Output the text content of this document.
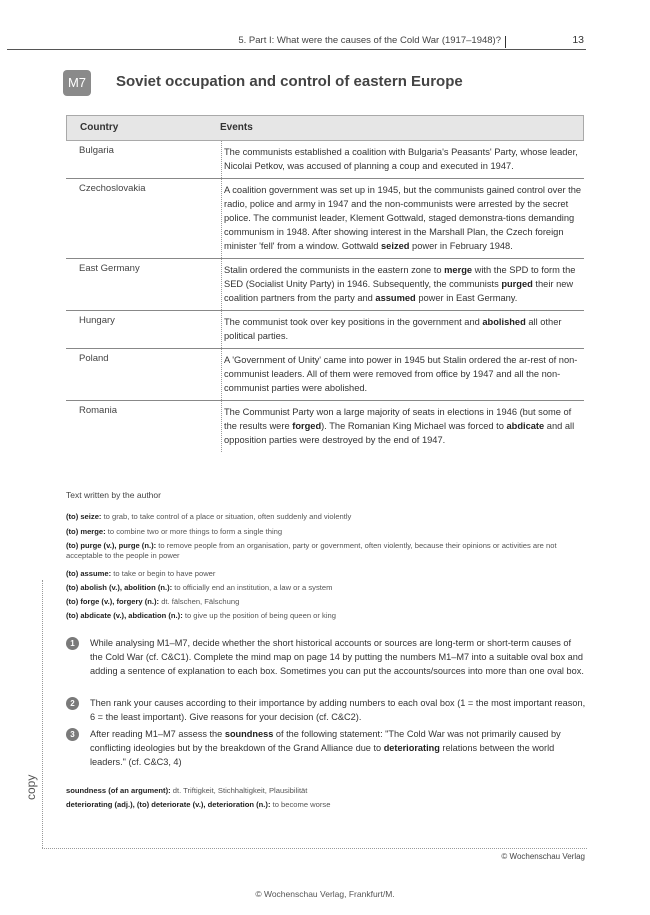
5. Part I: What were the causes of the Cold War (1917–1948)?	13
M7	Soviet occupation and control of eastern Europe
Country	Events
Bulgaria	The communists established a coalition with Bulgaria's Peasants' Party, whose leader, Nicolai Petkov, was accused of planning a coup and executed in 1947.
Czechoslovakia	A coalition government was set up in 1945, but the communists gained control over the radio, police and army in 1947 and the non-communists were arrested by the secret police. The communist leader, Klement Gottwald, staged demonstra-tions demanding communism in 1948. After showing interest in the Marshall Plan, the Czech foreign minister 'fell' from a window. Gottwald seized power in February 1948.
East Germany	Stalin ordered the communists in the eastern zone to merge with the SPD to form the SED (Socialist Unity Party) in 1946. Subsequently, the communists purged their new coalition partners from the party and assumed power in East Germany.
Hungary	The communist took over key positions in the government and abolished all other political parties.
Poland	A 'Government of Unity' came into power in 1945 but Stalin ordered the ar-rest of non-communist leaders. All of them were removed from office by 1947 and all the non-communist parties were abolished.
Romania	The Communist Party won a large majority of seats in elections in 1946 (but some of the results were forged). The Romanian King Michael was forced to abdicate and all opposition parties were destroyed by the end of 1947.
Text written by the author
(to) seize: to grab, to take control of a place or situation, often suddenly and violently
(to) merge: to combine two or more things to form a single thing
(to) purge (v.), purge (n.): to remove people from an organisation, party or government, often violently, because their opinions or activities are not acceptable to the people in power
(to) assume: to take or begin to have power
(to) abolish (v.), abolition (n.): to officially end an institution, a law or a system
(to) forge (v.), forgery (n.): dt. fälschen, Fälschung
(to) abdicate (v.), abdication (n.): to give up the position of being queen or king
1	While analysing M1–M7, decide whether the short historical accounts or sources are long-term or short-term causes of the Cold War (cf. C&C1). Complete the mind map on page 14 by putting the numbers M1–M7 into a suitable oval box and adding a sentence of explanation to each box. Sometimes you can put the accounts/sources into more than one oval box.
2	Then rank your causes according to their importance by adding numbers to each oval box (1 = the most important reason, 6 = the least important). Give reasons for your decision (cf. C&C2).
3	After reading M1–M7 assess the soundness of the following statement: "The Cold War was not primarily caused by conflicting ideologies but by the breakdown of the Grand Alliance due to deteriorating relations between the world leaders." (cf. C&C3, 4)
soundness (of an argument): dt. Triftigkeit, Stichhaltigkeit, Plausibilität
deteriorating (adj.), (to) deteriorate (v.), deterioration (n.): to become worse
copy
© Wochenschau Verlag
© Wochenschau Verlag, Frankfurt/M.
